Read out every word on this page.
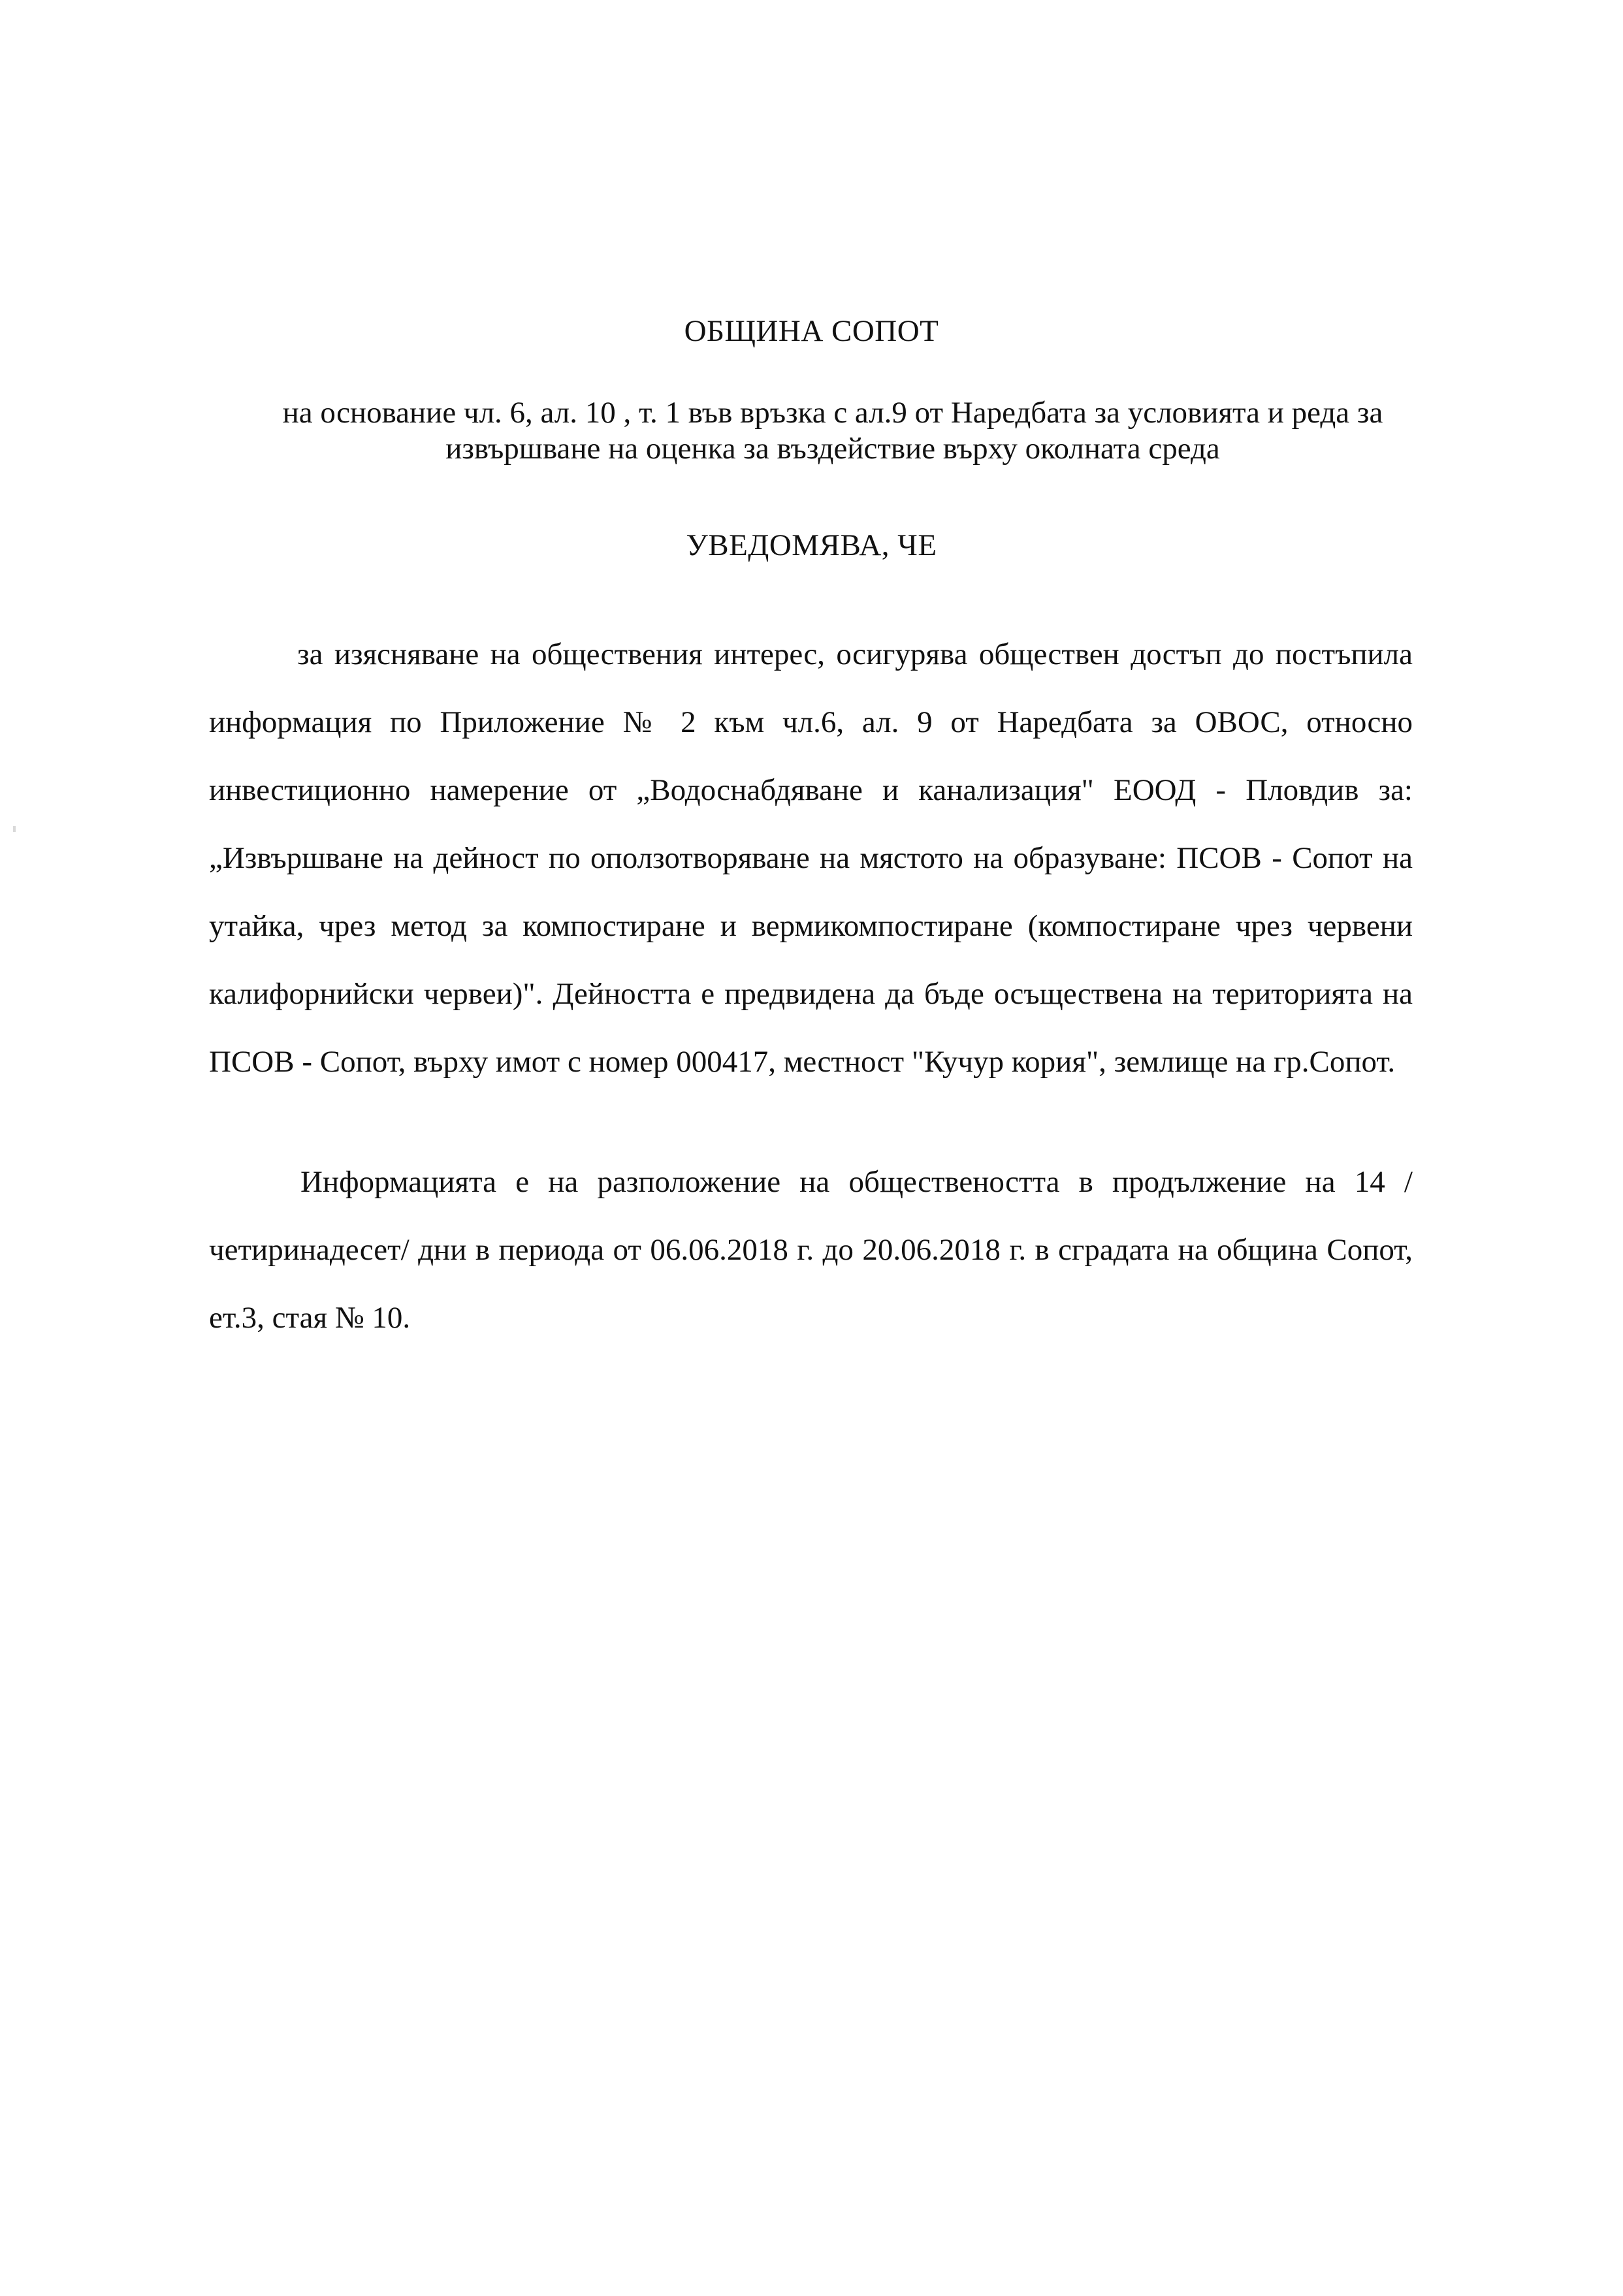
ОБЩИНА СОПОТ
на основание чл. 6, ал. 10 , т. 1 във връзка с ал.9 от Наредбата за условията и реда за извършване на оценка за въздействие върху околната среда
УВЕДОМЯВА, ЧЕ

за изясняване на обществения интерес, осигурява обществен достъп до постъпила информация по Приложение № 2 към чл.6, ал. 9 от Наредбата за ОВОС, относно инвестиционно намерение от „Водоснабдяване и канализация" ЕООД - Пловдив за: „Извършване на дейност по оползотворяване на мястото на образуване: ПСОВ - Сопот на утайка, чрез метод за компостиране и вермикомпостиране (компостиране чрез червени калифорнийски червеи)". Дейността е предвидена да бъде осъществена на територията на ПСОВ - Сопот, върху имот с номер 000417, местност "Кучур кория", землище на гр.Сопот.

Информацията е на разположение на обществеността в продължение на 14 /четиринадесет/ дни в периода от 06.06.2018 г. до 20.06.2018 г. в сградата на община Сопот, ет.3, стая № 10.
